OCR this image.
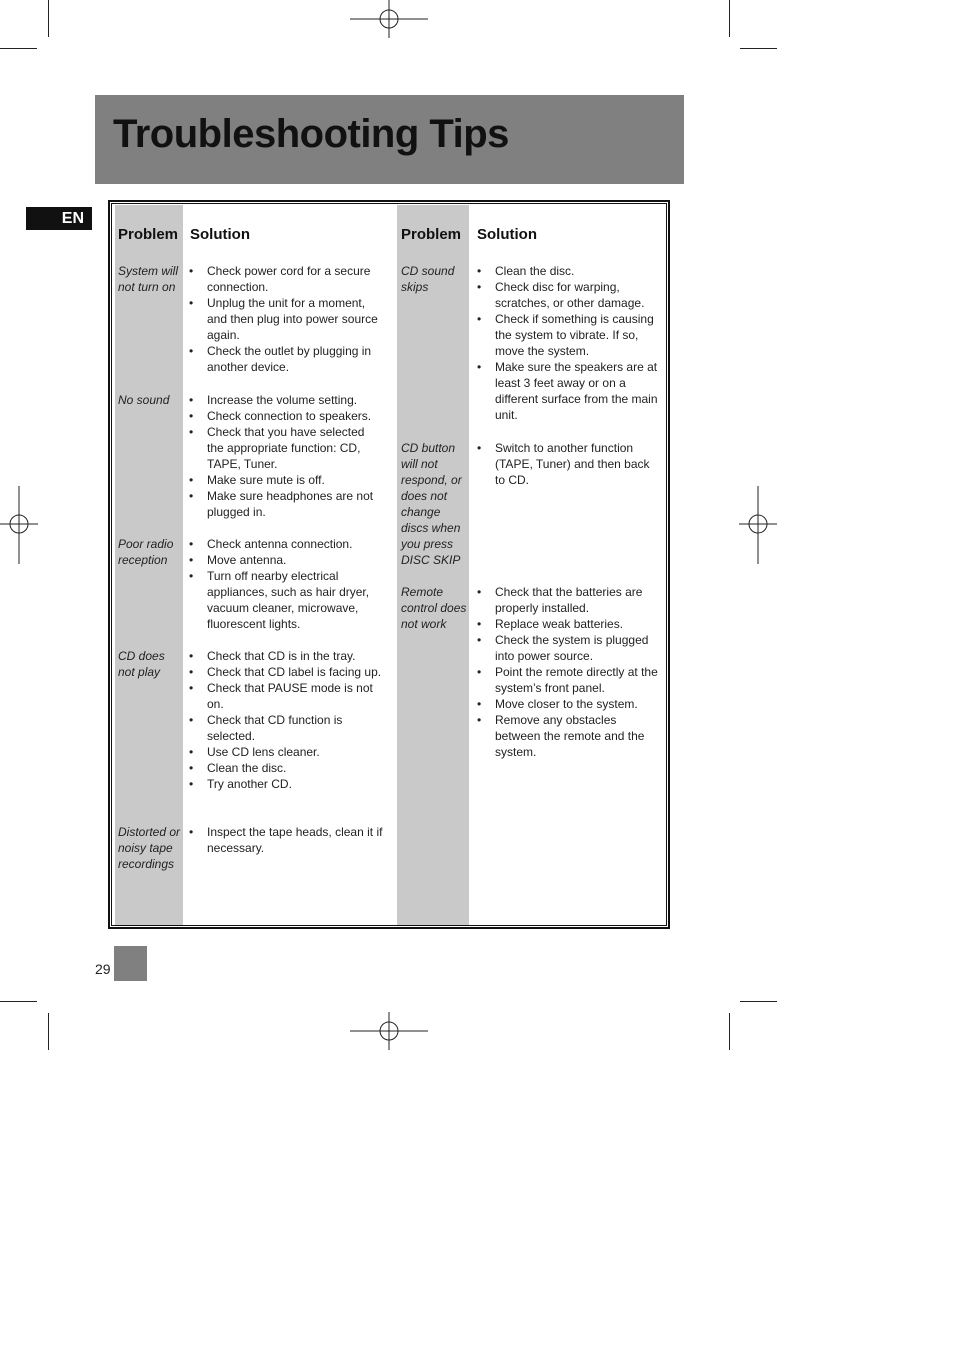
Troubleshooting Tips
EN
Problem Solution	Problem Solution
System will not turn on
• Check power cord for a secure connection.
• Unplug the unit for a moment, and then plug into power source again.
• Check the outlet by plugging in another device.
No sound
•	Increase the volume setting.
• Check connection to speakers.
• Check that you have selected the appropriate function: CD, TAPE, Tuner.
• Make sure mute is off.
• Make sure headphones are not plugged in.
Poor radio reception
• Check antenna connection.
• Move antenna.
• Turn off nearby electrical appliances, such as hair dryer, vacuum cleaner, microwave, fluorescent lights.
CD does not play
• Check that CD is in the tray.
• Check that CD label is facing up.
• Check that PAUSE mode is not on.
• Check that CD function is selected.
• Use CD lens cleaner.
• Clean the disc.
• Try another CD.
Distorted or noisy tape recordings
• Inspect the tape heads, clean it if necessary.
CD sound skips
• Clean the disc.
• Check disc for warping, scratches, or other damage.
• Check if something is causing the system to vibrate. If so, move the system.
• Make sure the speakers are at least 3 feet away or on a different surface from the main unit.
CD button will not respond, or does not change discs when you press DISC SKIP
• Switch to another function (TAPE, Tuner) and then back to CD.
Remote control does not work
• Check that the batteries are properly installed.
• Replace weak batteries.
• Check the system is plugged into power source.
• Point the remote directly at the system’s front panel.
• Move closer to the system.
• Remove any obstacles between the remote and the system.
29
